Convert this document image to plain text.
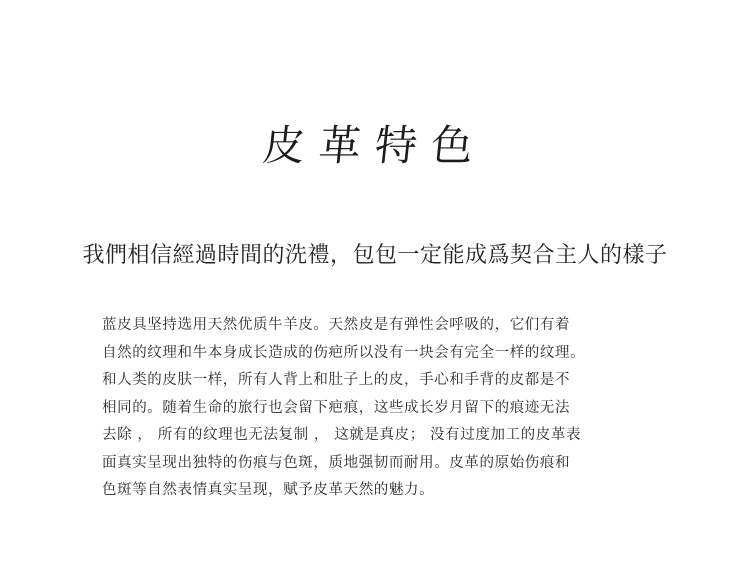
皮革特色
我們相信經過時間的洗禮，包包一定能成爲契合主人的樣子
蓝皮具坚持选用天然优质牛羊皮。天然皮是有弹性会呼吸的，它们有着
自然的纹理和牛本身成长造成的伤疤所以没有一块会有完全一样的纹理。
和人类的皮肤一样，所有人背上和肚子上的皮，手心和手背的皮都是不
相同的。随着生命的旅行也会留下疤痕，这些成长岁月留下的痕迹无法
去除 ， 所有的纹理也无法复制 ， 这就是真皮； 没有过度加工的皮革表
面真实呈现出独特的伤痕与色斑，质地强韧而耐用。皮革的原始伤痕和
色斑等自然表情真实呈现，赋予皮革天然的魅力。
